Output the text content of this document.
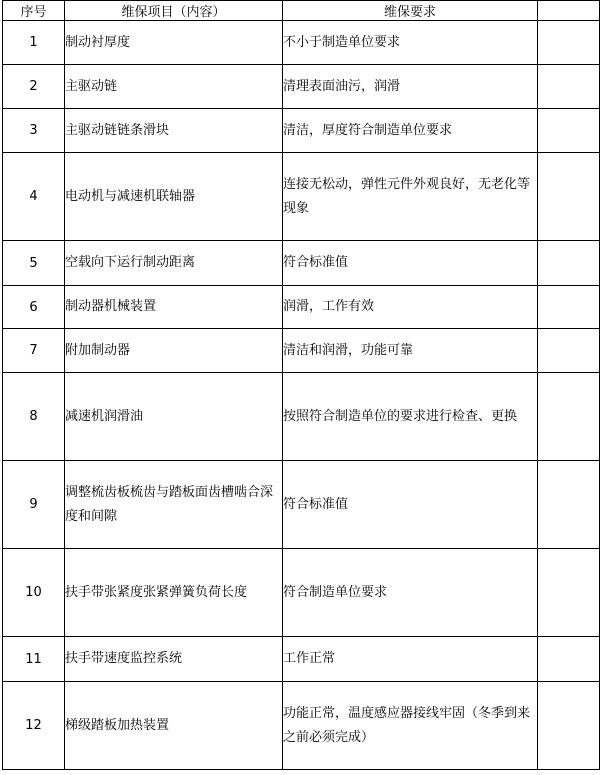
序号	维保项目（内容）	维保要求	
1	制动衬厚度	不小于制造单位要求	
2	主驱动链	清理表面油污，润滑	
3	主驱动链链条滑块	清洁，厚度符合制造单位要求	
4	电动机与减速机联轴器	连接无松动，弹性元件外观良好，无老化等现象	
5	空载向下运行制动距离	符合标准值	
6	制动器机械装置	润滑，工作有效	
7	附加制动器	清洁和润滑，功能可靠	
8	减速机润滑油	按照符合制造单位的要求进行检查、更换	
9	调整梳齿板梳齿与踏板面齿槽啮合深度和间隙	符合标准值	
10	扶手带张紧度张紧弹簧负荷长度	符合制造单位要求	
11	扶手带速度监控系统	工作正常	
12	梯级踏板加热装置	功能正常，温度感应器接线牢固（冬季到来之前必须完成）	
